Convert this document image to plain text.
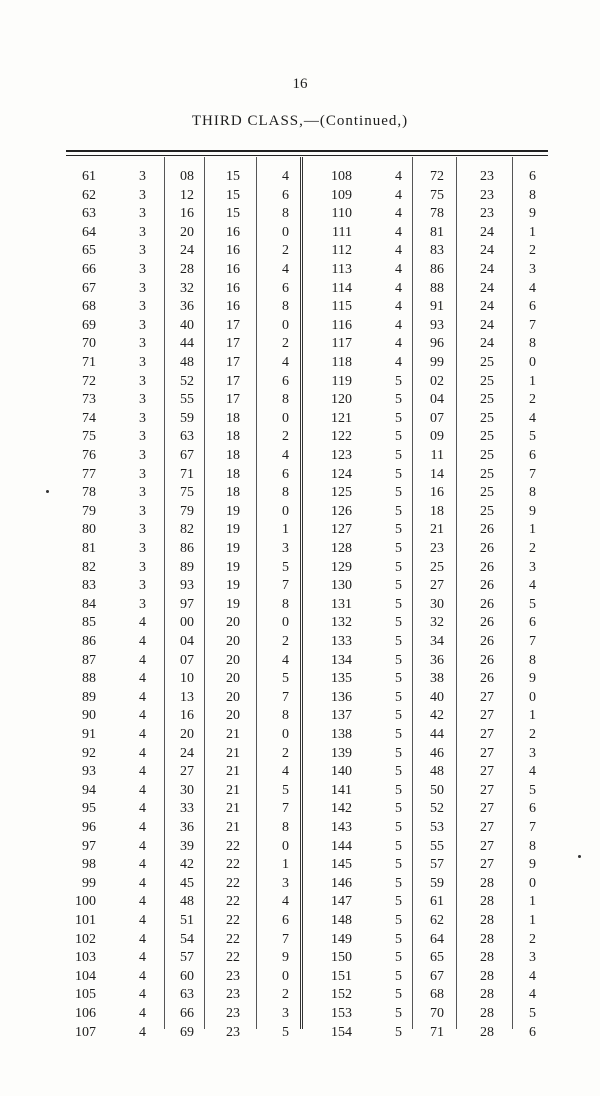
16
THIRD CLASS,—(Continued,)
61	3	08	15	4	108	4	72	23	6
62	3	12	15	6	109	4	75	23	8
63	3	16	15	8	110	4	78	23	9
64	3	20	16	0	111	4	81	24	1
65	3	24	16	2	112	4	83	24	2
66	3	28	16	4	113	4	86	24	3
67	3	32	16	6	114	4	88	24	4
68	3	36	16	8	115	4	91	24	6
69	3	40	17	0	116	4	93	24	7
70	3	44	17	2	117	4	96	24	8
71	3	48	17	4	118	4	99	25	0
72	3	52	17	6	119	5	02	25	1
73	3	55	17	8	120	5	04	25	2
74	3	59	18	0	121	5	07	25	4
75	3	63	18	2	122	5	09	25	5
76	3	67	18	4	123	5	11	25	6
77	3	71	18	6	124	5	14	25	7
78	3	75	18	8	125	5	16	25	8
79	3	79	19	0	126	5	18	25	9
80	3	82	19	1	127	5	21	26	1
81	3	86	19	3	128	5	23	26	2
82	3	89	19	5	129	5	25	26	3
83	3	93	19	7	130	5	27	26	4
84	3	97	19	8	131	5	30	26	5
85	4	00	20	0	132	5	32	26	6
86	4	04	20	2	133	5	34	26	7
87	4	07	20	4	134	5	36	26	8
88	4	10	20	5	135	5	38	26	9
89	4	13	20	7	136	5	40	27	0
90	4	16	20	8	137	5	42	27	1
91	4	20	21	0	138	5	44	27	2
92	4	24	21	2	139	5	46	27	3
93	4	27	21	4	140	5	48	27	4
94	4	30	21	5	141	5	50	27	5
95	4	33	21	7	142	5	52	27	6
96	4	36	21	8	143	5	53	27	7
97	4	39	22	0	144	5	55	27	8
98	4	42	22	1	145	5	57	27	9
99	4	45	22	3	146	5	59	28	0
100	4	48	22	4	147	5	61	28	1
101	4	51	22	6	148	5	62	28	1
102	4	54	22	7	149	5	64	28	2
103	4	57	22	9	150	5	65	28	3
104	4	60	23	0	151	5	67	28	4
105	4	63	23	2	152	5	68	28	4
106	4	66	23	3	153	5	70	28	5
107	4	69	23	5	154	5	71	28	6
